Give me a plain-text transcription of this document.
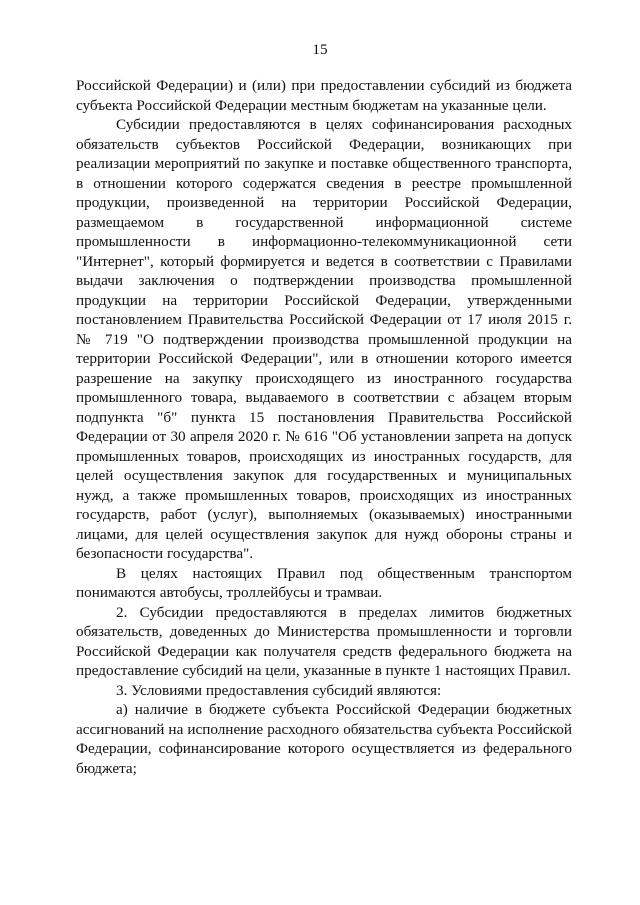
15

Российской Федерации) и (или) при предоставлении субсидий из бюджета субъекта Российской Федерации местным бюджетам на указанные цели.

Субсидии предоставляются в целях софинансирования расходных обязательств субъектов Российской Федерации, возникающих при реализации мероприятий по закупке и поставке общественного транспорта, в отношении которого содержатся сведения в реестре промышленной продукции, произведенной на территории Российской Федерации, размещаемом в государственной информационной системе промышленности в информационно-телекоммуникационной сети "Интернет", который формируется и ведется в соответствии с Правилами выдачи заключения о подтверждении производства промышленной продукции на территории Российской Федерации, утвержденными постановлением Правительства Российской Федерации от 17 июля 2015 г. № 719 "О подтверждении производства промышленной продукции на территории Российской Федерации", или в отношении которого имеется разрешение на закупку происходящего из иностранного государства промышленного товара, выдаваемого в соответствии с абзацем вторым подпункта "б" пункта 15 постановления Правительства Российской Федерации от 30 апреля 2020 г. № 616 "Об установлении запрета на допуск промышленных товаров, происходящих из иностранных государств, для целей осуществления закупок для государственных и муниципальных нужд, а также промышленных товаров, происходящих из иностранных государств, работ (услуг), выполняемых (оказываемых) иностранными лицами, для целей осуществления закупок для нужд обороны страны и безопасности государства".

В целях настоящих Правил под общественным транспортом понимаются автобусы, троллейбусы и трамваи.

2. Субсидии предоставляются в пределах лимитов бюджетных обязательств, доведенных до Министерства промышленности и торговли Российской Федерации как получателя средств федерального бюджета на предоставление субсидий на цели, указанные в пункте 1 настоящих Правил.

3. Условиями предоставления субсидий являются:

а) наличие в бюджете субъекта Российской Федерации бюджетных ассигнований на исполнение расходного обязательства субъекта Российской Федерации, софинансирование которого осуществляется из федерального бюджета;
